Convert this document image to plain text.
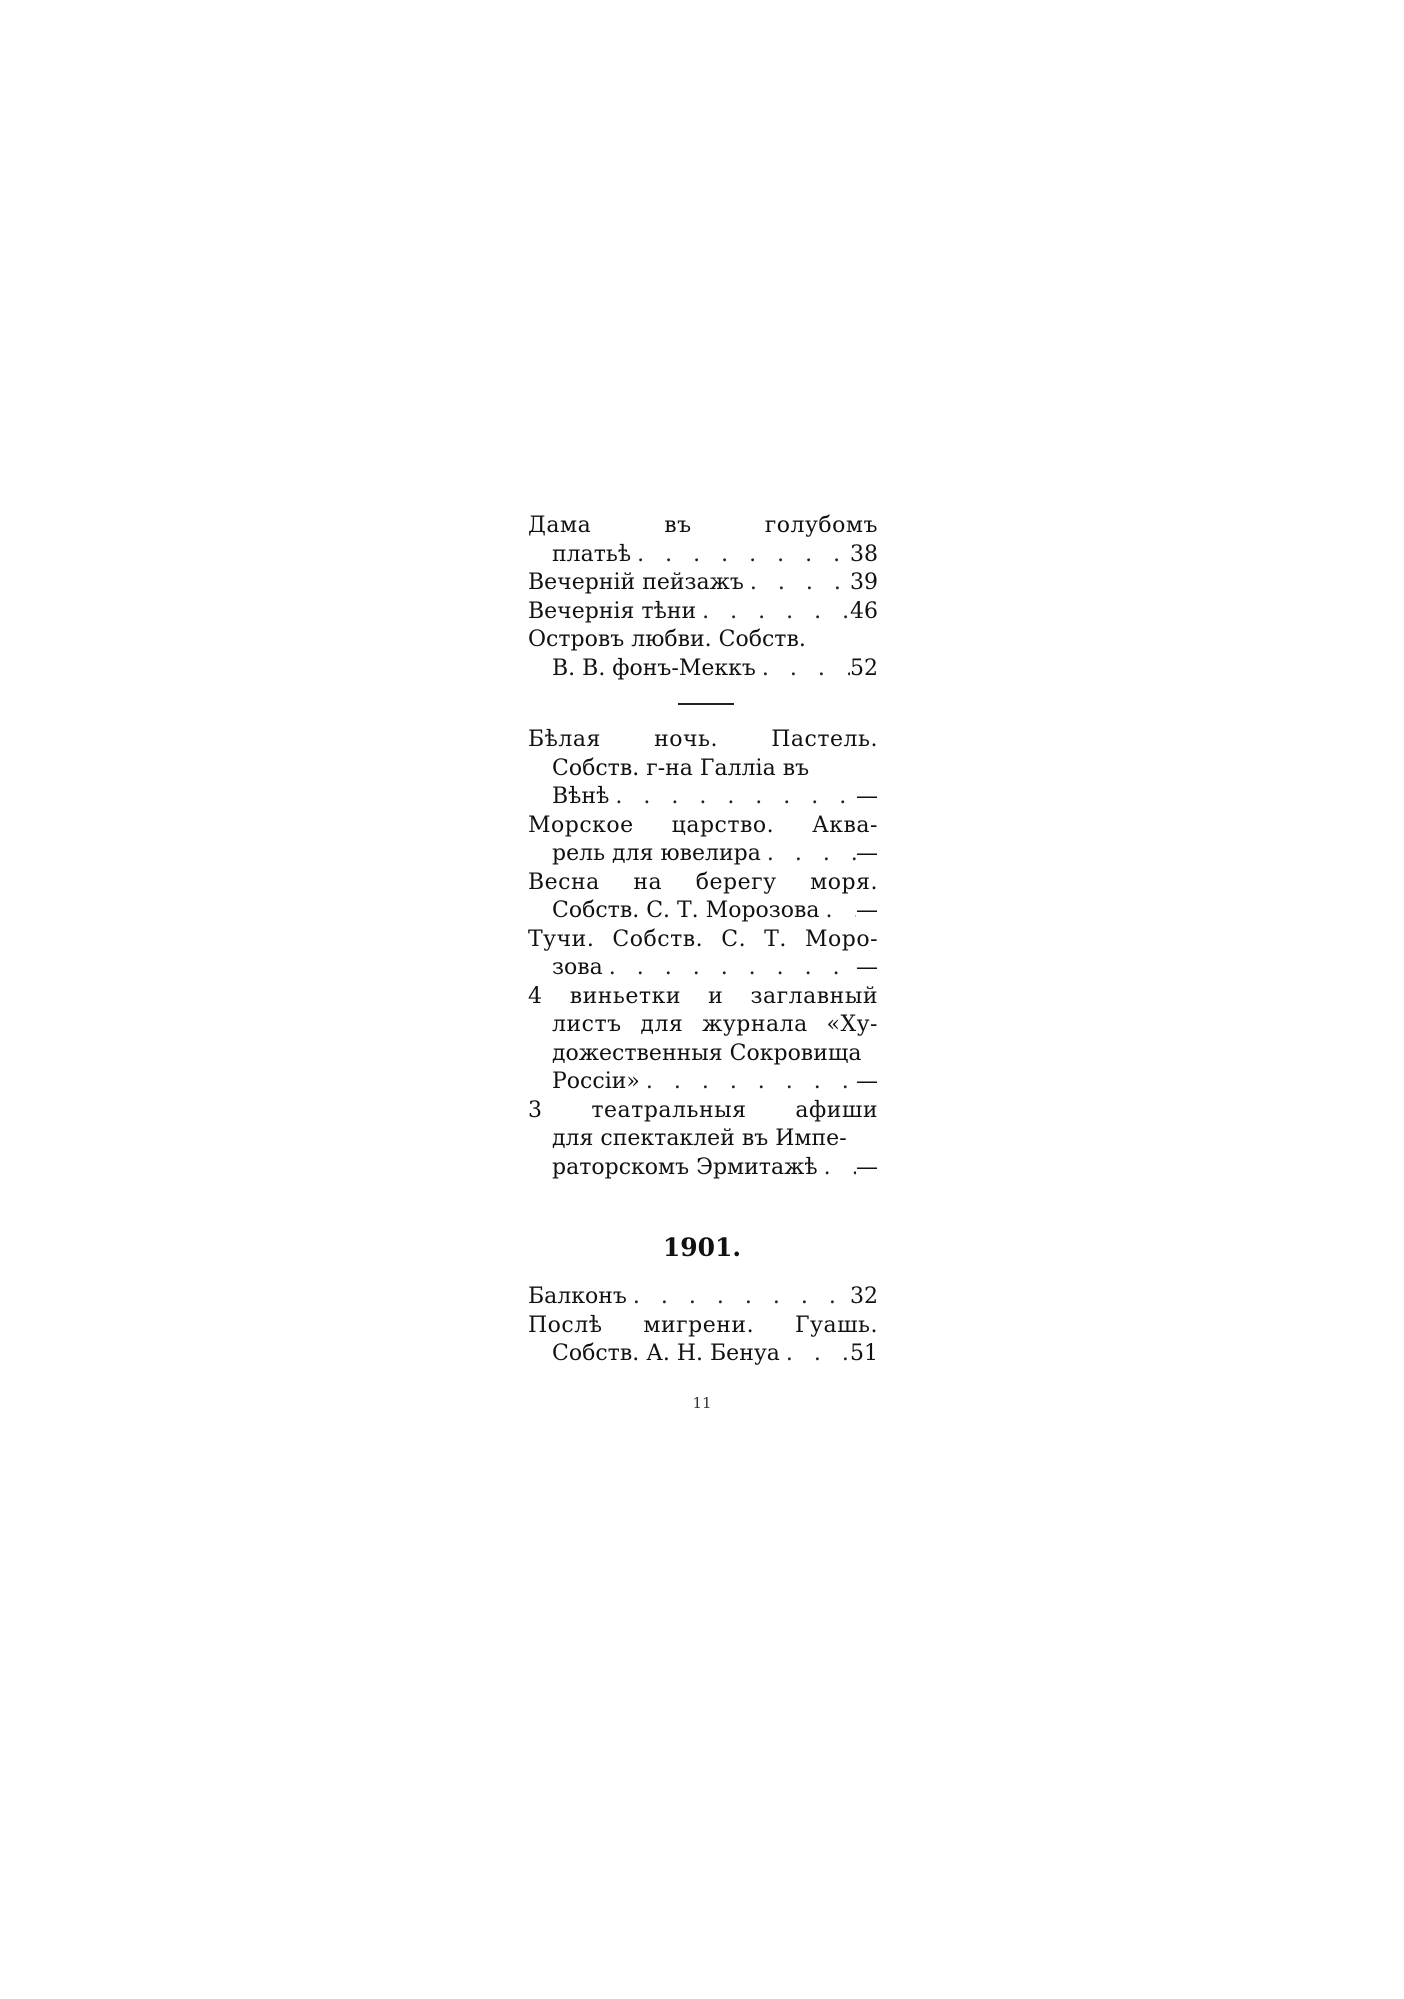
Дама въ голубомъ
платьѣ . . .	38
Вечерній пейзажъ . . .	39
Вечернія тѣни . . .	46
Островъ любви. Собств.
В. В. фонъ-Меккъ . . .	52
Бѣлая ночь. Пастель.
Собств. г-на Галліа въ
Вѣнѣ . . .	—
Морское царство. Аква-
рель для ювелира . . .	—
Весна на берегу моря.
Собств. С. Т. Морозова . . . —
Тучи. Собств. С. Т. Моро-
зова . . .	—
4 виньетки и заглавный
листъ для журнала «Ху-
дожественныя Сокровища
Россіи» . . .	—
3 театральныя афиши
для спектаклей въ Импе-
раторскомъ Эрмитажѣ . . . —
1901.
Балконъ . . .	32
Послѣ мигрени. Гуашь.
Собств. А. Н. Бенуа . . .	51
11
